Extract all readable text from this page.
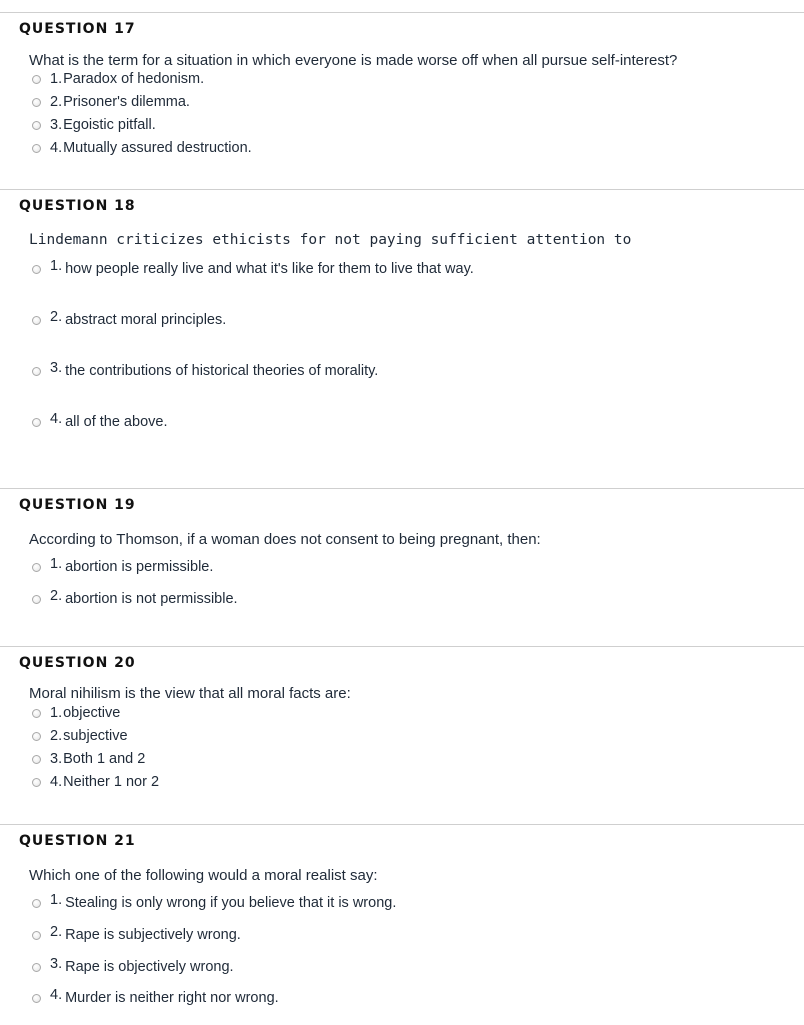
QUESTION 17
What is the term for a situation in which everyone is made worse off when all pursue self-interest?
1. Paradox of hedonism.
2. Prisoner's dilemma.
3. Egoistic pitfall.
4. Mutually assured destruction.
QUESTION 18
Lindemann criticizes ethicists for not paying sufficient attention to
1. how people really live and what it's like for them to live that way.
2. abstract moral principles.
3. the contributions of historical theories of morality.
4. all of the above.
QUESTION 19
According to Thomson, if a woman does not consent to being pregnant, then:
1. abortion is permissible.
2. abortion is not permissible.
QUESTION 20
Moral nihilism is the view that all moral facts are:
1. objective
2. subjective
3. Both 1 and 2
4. Neither 1 nor 2
QUESTION 21
Which one of the following would a moral realist say:
1. Stealing is only wrong if you believe that it is wrong.
2. Rape is subjectively wrong.
3. Rape is objectively wrong.
4. Murder is neither right nor wrong.
